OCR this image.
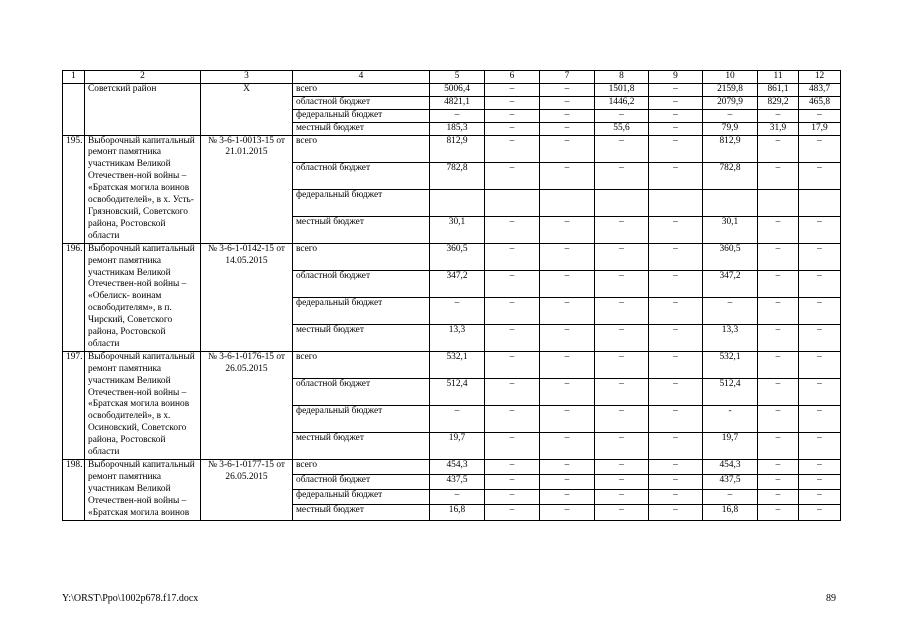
1	2	3	4	5	6	7	8	9	10	11	12
	Советский район	Х	всего	5006,4	–	–	1501,8	–	2159,8	861,1	483,7
			областной бюджет	4821,1	–	–	1446,2	–	2079,9	829,2	465,8
			федеральный бюджет	–	–	–	–	–	–	–	–
			местный бюджет	185,3	–	–	55,6	–	79,9	31,9	17,9
195.	Выборочный капитальный ремонт памятника участникам Великой Отечествен-ной войны – «Братская могила воинов освободителей», в х. Усть-Грязновский, Советского района, Ростовской области	№ 3-6-1-0013-15 от 21.01.2015	всего	812,9	–	–	–	–	812,9	–	–
			областной бюджет	782,8	–	–	–	–	782,8	–	–
			федеральный бюджет								
			местный бюджет	30,1	–	–	–	–	30,1	–	–
196.	Выборочный капитальный ремонт памятника участникам Великой Отечествен-ной войны – «Обелиск- воинам освободителям», в п. Чирский, Советского района, Ростовской области	№ 3-6-1-0142-15 от 14.05.2015	всего	360,5	–	–	–	–	360,5	–	–
			областной бюджет	347,2	–	–	–	–	347,2	–	–
			федеральный бюджет	–	–	–	–	–	–	–	–
			местный бюджет	13,3	–	–	–	–	13,3	–	–
197.	Выборочный капитальный ремонт памятника участникам Великой Отечествен-ной войны – «Братская могила воинов освободителей», в х. Осиновский, Советского района, Ростовской области	№ 3-6-1-0176-15 от 26.05.2015	всего	532,1	–	–	–	–	532,1	–	–
			областной бюджет	512,4	–	–	–	–	512,4	–	–
			федеральный бюджет	–	–	–	–	–	-	–	–
			местный бюджет	19,7	–	–	–	–	19,7	–	–
198.	Выборочный капитальный ремонт памятника участникам Великой Отечествен-ной войны – «Братская могила воинов	№ 3-6-1-0177-15 от 26.05.2015	всего	454,3	–	–	–	–	454,3	–	–
			областной бюджет	437,5	–	–	–	–	437,5	–	–
			федеральный бюджет	–	–	–	–	–	–	–	–
			местный бюджет	16,8	–	–	–	–	16,8	–	–
Y:\ORST\Ppo\1002p678.f17.docx	89
